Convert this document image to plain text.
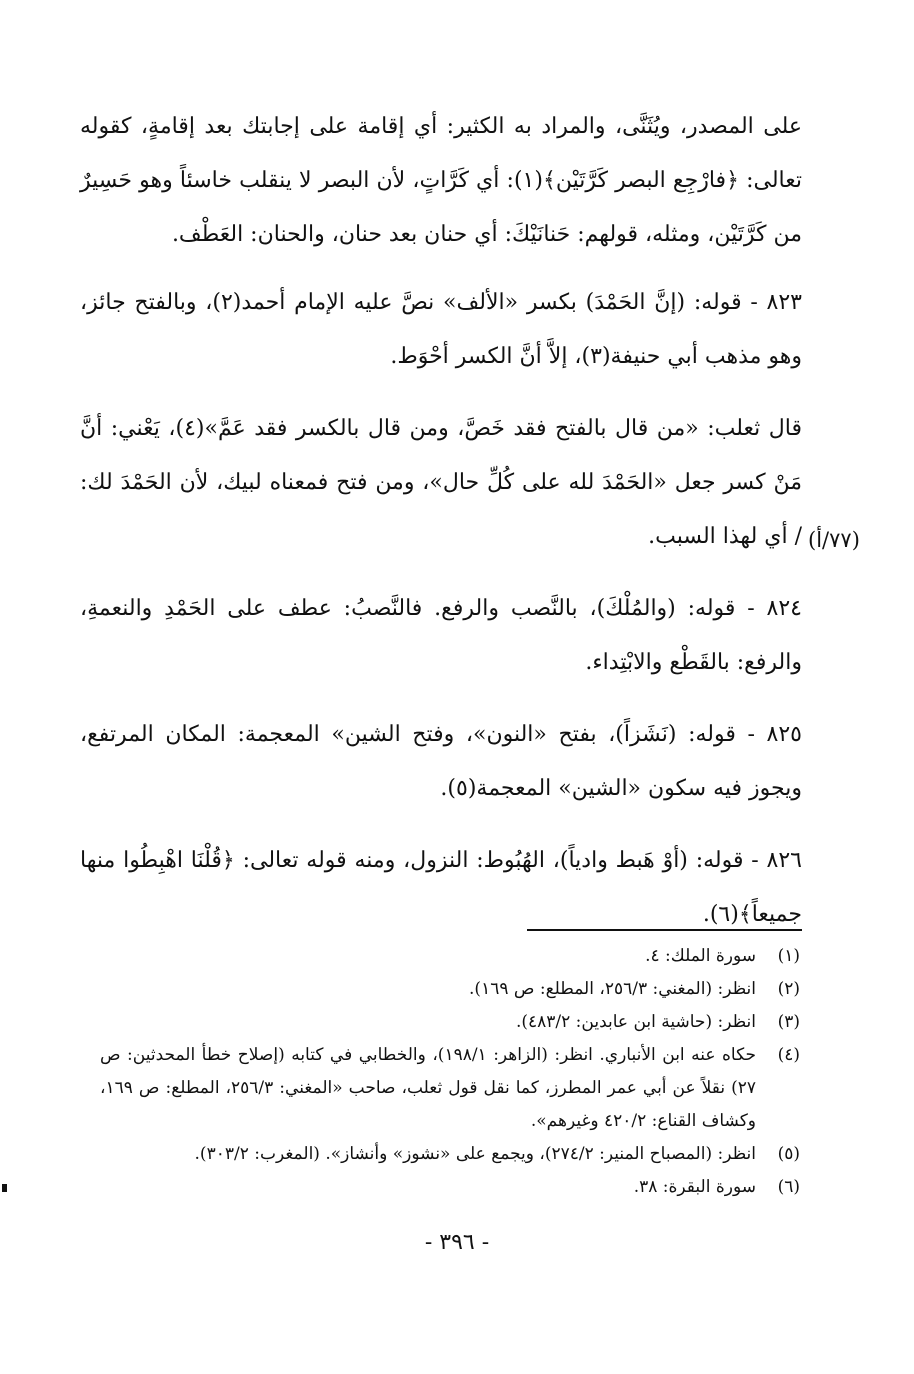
على المصدر، ويُثَنَّى، والمراد به الكثير: أي إقامة على إجابتك بعد إقامةٍ، كقوله تعالى: ﴿فارْجِع البصر كَرَّتَيْن﴾(١): أي كَرَّاتٍ، لأن البصر لا ينقلب خاسئاً وهو حَسِيرٌ من كَرَّتَيْن، ومثله، قولهم: حَنانَيْكَ: أي حنان بعد حنان، والحنان: العَطْف.

٨٢٣ - قوله: (إنَّ الحَمْدَ) بكسر «الألف» نصَّ عليه الإمام أحمد(٢)، وبالفتح جائز، وهو مذهب أبي حنيفة(٣)، إلاَّ أنَّ الكسر أحْوَط.

قال ثعلب: «من قال بالفتح فقد خَصَّ، ومن قال بالكسر فقد عَمَّ»(٤)، يَعْني: أنَّ مَنْ كسر جعل «الحَمْدَ لله على كُلِّ حال»، ومن فتح فمعناه لبيك، لأن الحَمْدَ لك: / أي لهذا السبب.

٨٢٤ - قوله: (والمُلْكَ)، بالنَّصب والرفع. فالنَّصبُ: عطف على الحَمْدِ والنعمةِ، والرفع: بالقَطْع والابْتِداء.

٨٢٥ - قوله: (نَشَزاً)، بفتح «النون»، وفتح الشين» المعجمة: المكان المرتفع، ويجوز فيه سكون «الشين» المعجمة(٥).

٨٢٦ - قوله: (أوْ هَبط وادياً)، الهُبُوط: النزول، ومنه قوله تعالى: ﴿قُلْنَا اهْبِطُوا منها جميعاً﴾(٦).

(٧٧/أ)
(١)
سورة الملك: ٤.
(٢)
انظر: (المغني: ٢٥٦/٣، المطلع: ص ١٦٩).
(٣)
انظر: (حاشية ابن عابدين: ٤٨٣/٢).
(٤)
حكاه عنه ابن الأنباري. انظر: (الزاهر: ١٩٨/١)، والخطابي في كتابه (إصلاح خطأ المحدثين: ص ٢٧) نقلاً عن أبي عمر المطرز، كما نقل قول ثعلب، صاحب «المغني: ٢٥٦/٣، المطلع: ص ١٦٩، وكشاف القناع: ٤٢٠/٢ وغيرهم».
(٥)
انظر: (المصباح المنير: ٢٧٤/٢)، ويجمع على «نشوز» وأنشاز». (المغرب: ٣٠٣/٢).
(٦)
سورة البقرة: ٣٨.
- ٣٩٦ -
